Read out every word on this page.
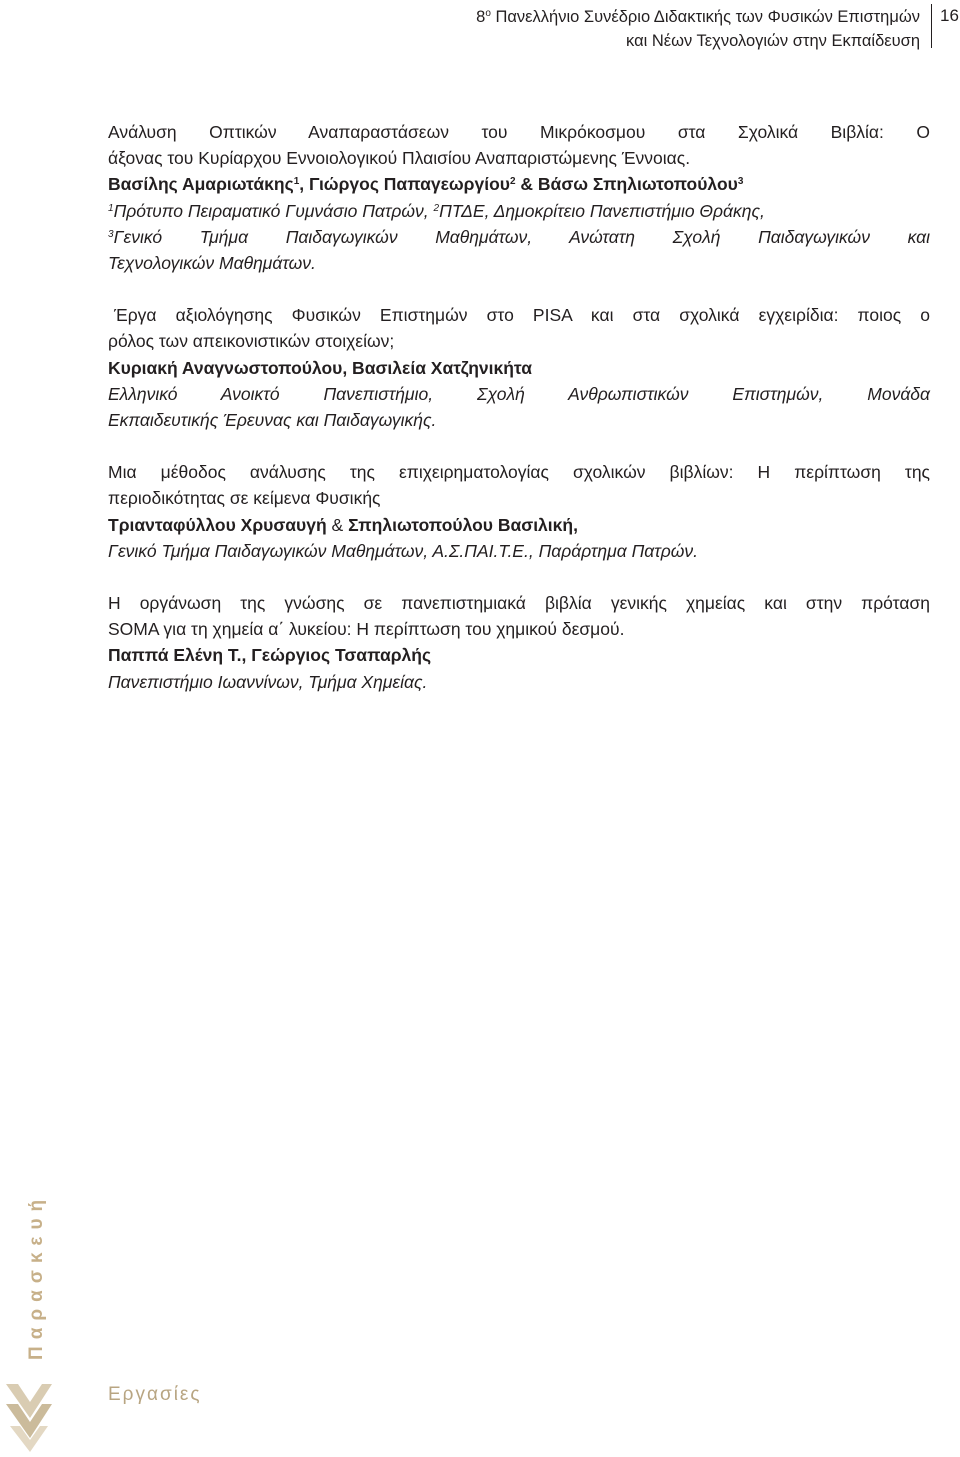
$8^o$ Πανελλήνιο Συνέδριο Διδακτικής των Φυσικών Επιστημών
και Νέων Τεχνολογιών στην Εκπαίδευση
16
Ανάλυση Οπτικών Αναπαραστάσεων του Μικρόκοσμου στα Σχολικά Βιβλία: Ο
άξονας του Κυρίαρχου Εννοιολογικού Πλαισίου Αναπαριστώμενης Έννοιας.
Βασίλης Αμαριωτάκης$^1$, Γιώργος Παπαγεωργίου$^2$ & Βάσω Σπηλιωτοπούλου$^3$
$^1$Πρότυπο Πειραματικό Γυμνάσιο Πατρών, $^2$ΠΤΔΕ, Δημοκρίτειο Πανεπιστήμιο Θράκης,
$^3$Γενικό Τμήμα Παιδαγωγικών Μαθημάτων, Ανώτατη Σχολή Παιδαγωγικών και
Τεχνολογικών Μαθημάτων.
Έργα αξιολόγησης Φυσικών Επιστημών στο PISA και στα σχολικά εγχειρίδια: ποιος ο
ρόλος των απεικονιστικών στοιχείων;
Κυριακή Αναγνωστοπούλου, Βασιλεία Χατζηνικήτα
Ελληνικό Ανοικτό Πανεπιστήμιο, Σχολή Ανθρωπιστικών Επιστημών, Μονάδα
Εκπαιδευτικής Έρευνας και Παιδαγωγικής.
Μια μέθοδος ανάλυσης της επιχειρηματολογίας σχολικών βιβλίων: Η περίπτωση της
περιοδικότητας σε κείμενα Φυσικής
Τριανταφύλλου Χρυσαυγή & Σπηλιωτοπούλου Βασιλική,
Γενικό Τμήμα Παιδαγωγικών Μαθημάτων, Α.Σ.ΠΑΙ.Τ.Ε., Παράρτημα Πατρών.
Η οργάνωση της γνώσης σε πανεπιστημιακά βιβλία γενικής χημείας και στην πρόταση
SOMA για τη χημεία α΄ λυκείου: Η περίπτωση του χημικού δεσμού.
Παππά Ελένη Τ., Γεώργιος Τσαπαρλής
Πανεπιστήμιο Ιωαννίνων, Τμήμα Χημείας.
Παρασκευή
Εργασίες
